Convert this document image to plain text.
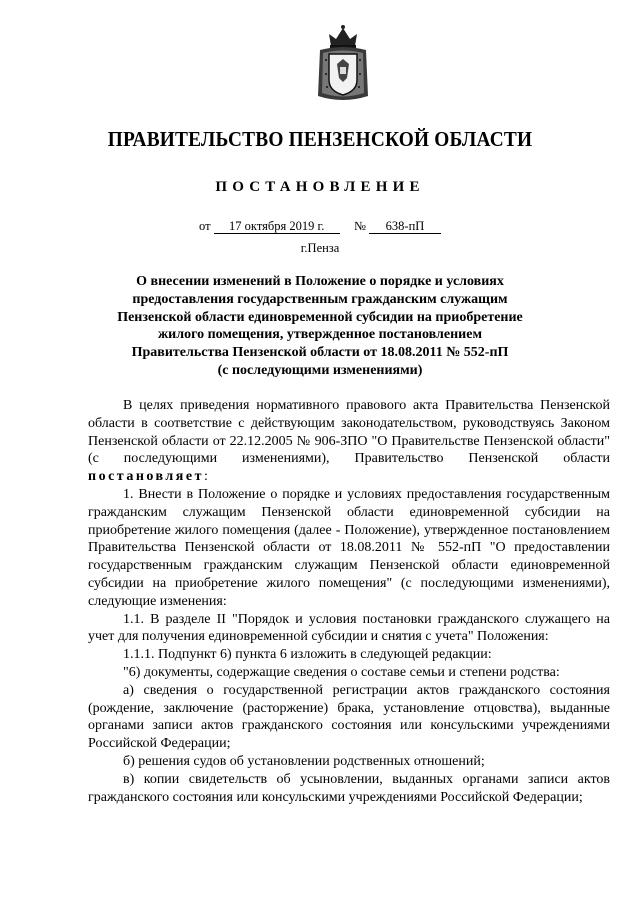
ПРАВИТЕЛЬСТВО ПЕНЗЕНСКОЙ ОБЛАСТИ
ПОСТАНОВЛЕНИЕ
от 17 октября 2019 г. № 638-пП
г.Пенза
О внесении изменений в Положение о порядке и условиях
предоставления государственным гражданским служащим
Пензенской области единовременной субсидии на приобретение
жилого помещения, утвержденное постановлением
Правительства Пензенской области от 18.08.2011 № 552-пП
(с последующими изменениями)

В целях приведения нормативного правового акта Правительства Пензенской области в соответствие с действующим законодательством, руководствуясь Законом Пензенской области от 22.12.2005 № 906-ЗПО "О Правительстве Пензенской области" (с последующими изменениями), Правительство Пензенской области постановляет:

1. Внести в Положение о порядке и условиях предоставления государственным гражданским служащим Пензенской области единовременной субсидии на приобретение жилого помещения (далее - Положение), утвержденное постановлением Правительства Пензенской области от 18.08.2011 № 552-пП "О предоставлении государственным гражданским служащим Пензенской области единовременной субсидии на приобретение жилого помещения" (с последующими изменениями), следующие изменения:

1.1. В разделе II "Порядок и условия постановки гражданского служащего на учет для получения единовременной субсидии и снятия с учета" Положения:

1.1.1. Подпункт 6) пункта 6 изложить в следующей редакции:

"6) документы, содержащие сведения о составе семьи и степени родства:

а) сведения о государственной регистрации актов гражданского состояния (рождение, заключение (расторжение) брака, установление отцовства), выданные органами записи актов гражданского состояния или консульскими учреждениями Российской Федерации;

б) решения судов об установлении родственных отношений;

в) копии свидетельств об усыновлении, выданных органами записи актов гражданского состояния или консульскими учреждениями Российской Федерации;
